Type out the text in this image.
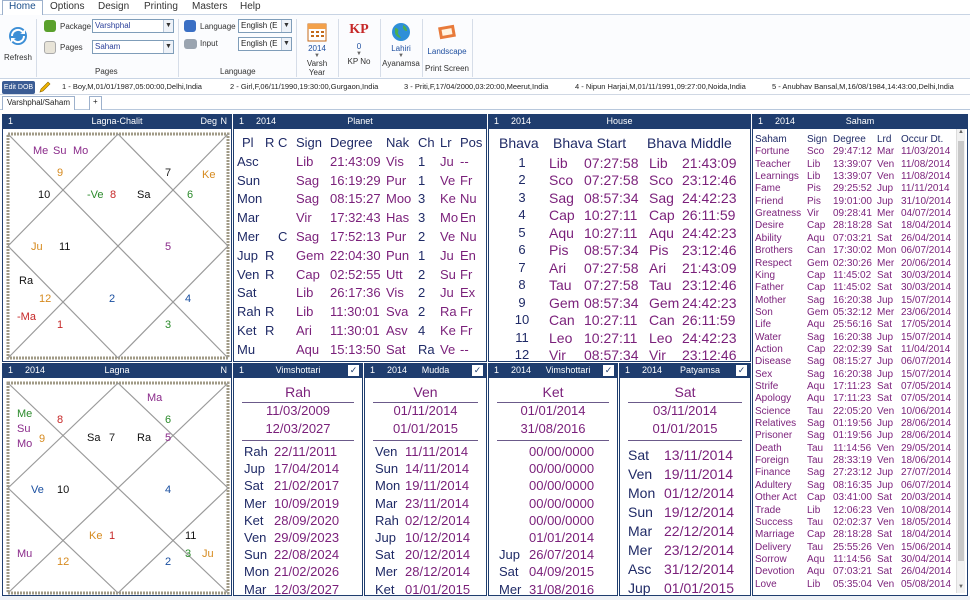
Home	Options	Design	Printing	Masters	Help
Refresh
Package Varshphal	▼
Pages	Saham	▼
Pages
Language English (E ▼
Input	English (E ▼
Language
2014
▼
Varsh Year
KP
0
▼
KP No
Lahiri
▼
Ayanamsa
Landscape
Print Screen
Edit DOB	1 - Boy,M,01/01/1987,05:00:00,Delhi,India	2 - Girl,F,06/11/1990,19:30:00,Gurgaon,India	3 - Priti,F,17/04/2000,03:20:00,Meerut,India	4 - Nipun Harjai,M,01/11/1991,09:27:00,Noida,India	5 - Anubhav Bansal,M,16/08/1984,14:43:00,Delhi,India
Varshphal/Saham	+
1	Lagna-Chalit	Deg N
Me Su Mo
9	7	Ke
10	-Ve 8 Sa	6
Ju 11	5
Ra
12	2	4
-Ma
1	3
1 2014	Lagna	N
Ma
Me 8	6
Su
Mo 9	Sa 7 Ra 5
Ve 10	4
Ke 1	11
3
Mu
12	2
Ju
1 2014	Planet
Pl R C Sign Degree Nak Ch Lr Pos
Asc	Lib 21:43:09 Vis 1 Ju --
Sun	Sag 16:19:29 Pur 1 Ve Fr
Mon	Sag 08:15:27 Moo 3 Ke Nu
Mar	Vir 17:32:43 Has 3 Mo En
Mer C Sag 17:52:13 Pur 2 Ve Nu
Jup R Gem 22:04:30 Pun 1 Ju En
Ven R Cap 02:52:55 Utt 2 Su Fr
Sat	Lib 26:17:36 Vis 2 Ju Ex
Rah R Lib 11:30:01 Sva 2 Ra Fr
Ket R Ari 11:30:01 Asv 4 Ke Fr
Mu	Aqu 15:13:50 Sat Ra Ve --
1 2014	House
Bhava Bhava Start Bhava Middle
1	Lib 07:27:58 Lib 21:43:09
2	Sco 07:27:58 Sco 23:12:46
3	Sag 08:57:34 Sag 24:42:23
4	Cap 10:27:11 Cap 26:11:59
5	Aqu 10:27:11 Aqu 24:42:23
6	Pis 08:57:34 Pis 23:12:46
7	Ari 07:27:58 Ari 21:43:09
8	Tau 07:27:58 Tau 23:12:46
9	Gem 08:57:34 Gem 24:42:23
10 Can 10:27:11 Can 26:11:59
11	Leo 10:27:11 Leo 24:42:23
12 Vir 08:57:34 Vir 23:12:46
1 2014	Saham
Saham Sign Degree Lrd Occur Dt.
Fortune Sco 29:47:12 Mar 11/03/2014
Teacher Lib 13:39:07 Ven 11/08/2014
Learnings Lib 13:39:07 Ven 11/08/2014
Fame	Pis 29:25:52 Jup 11/11/2014
Friend Pis 19:01:00 Jup 31/10/2014
Greatness Vir 09:28:41 Mer 04/07/2014
Desire Cap 28:18:28 Sat 18/04/2014
Ability	Aqu 07:03:21 Sat 26/04/2014
Brothers Can 17:30:02 Mon 06/07/2014
Respect Gem 02:30:26 Mer 20/06/2014
King	Cap 11:45:02 Sat 30/03/2014
Father Cap 11:45:02 Sat 30/03/2014
Mother Sag 16:20:38 Jup 15/07/2014
Son	Gem 05:32:12 Mer 23/06/2014
Life	Aqu 25:56:16 Sat 17/05/2014
Water	Sag 16:20:38 Jup 15/07/2014
Action Cap 22:02:39 Sat 11/04/2014
Disease Sag 08:15:27 Jup 06/07/2014
Sex	Sag 16:20:38 Jup 15/07/2014
Strife	Aqu 17:11:23 Sat 07/05/2014
Apology Aqu 17:11:23 Sat 07/05/2014
Science Tau 22:05:20 Ven 10/06/2014
Relatives Sag 01:19:56 Jup 28/06/2014
Prisoner Sag 01:19:56 Jup 28/06/2014
Death	Tau 11:14:56 Ven 29/05/2014
Foreign Tau 28:33:19 Ven 18/06/2014
Finance Sag 27:23:12 Jup 27/07/2014
Adultery Sag 08:16:35 Jup 06/07/2014
Other Act Cap 03:41:00 Sat 20/03/2014
Trade	Lib 12:06:23 Ven 10/08/2014
Success Tau 02:02:37 Ven 18/05/2014
Marriage Cap 28:18:28 Sat 18/04/2014
Delivery Tau 25:55:26 Ven 15/06/2014
Sorrow Aqu 11:14:56 Sat 30/04/2014
Devotion Aqu 07:03:21 Sat 26/04/2014
Love	Lib 05:35:04 Ven 05/08/2014
▲
▼
1	Vimshottari	✓
Rah
11/03/2009
12/03/2027
Rah 22/11/2011
Jup 17/04/2014
Sat 21/02/2017
Mer 10/09/2019
Ket 28/09/2020
Ven 29/09/2023
Sun 22/08/2024
Mon 21/02/2026
Mar 12/03/2027
1 2014	Mudda	✓
Ven
01/11/2014
01/01/2015
Ven 11/11/2014
Sun 14/11/2014
Mon 19/11/2014
Mar 23/11/2014
Rah 02/12/2014
Jup 10/12/2014
Sat 20/12/2014
Mer 28/12/2014
Ket 01/01/2015
1 2014	Vimshottari	✓
Ket
01/01/2014
31/08/2016
00/00/0000
00/00/0000
00/00/0000
00/00/0000
00/00/0000
01/01/2014
Jup 26/07/2014
Sat 04/09/2015
Mer 31/08/2016
1 2014	Patyamsa	✓
Sat
03/11/2014
01/01/2015
Sat 13/11/2014
Ven 19/11/2014
Mon 01/12/2014
Sun 19/12/2014
Mar 22/12/2014
Mer 23/12/2014
Asc 31/12/2014
Jup 01/01/2015
